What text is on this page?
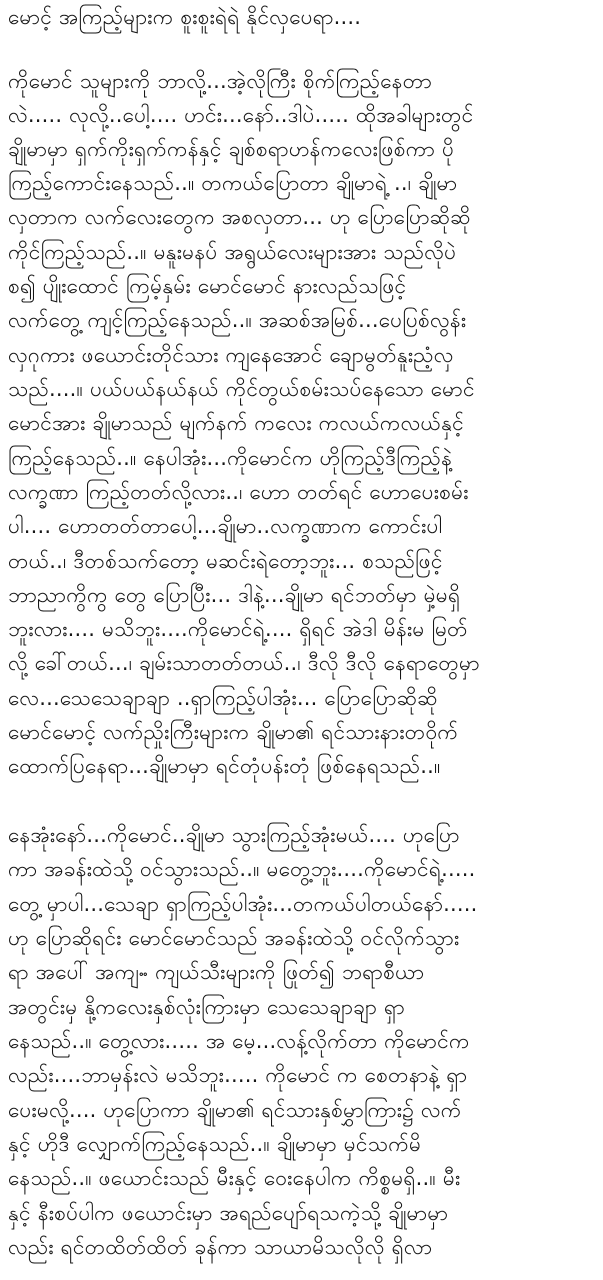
မောင့် အကြည့်များက စူးစူးရဲရဲ နိုင်လှပေရာ....
ကိုမောင် သူများကို ဘာလို့...အဲ့လိုကြီး စိုက်ကြည့်နေတာ
လဲ..... လုလို့..ပေါ့.... ဟင်း...နော်..ဒါပဲ..... ထိုအခါများတွင်
ချိုမာမှာ ရှက်ကိုးရှက်ကန်နှင့် ချစ်စရာဟန်ကလေးဖြစ်ကာ ပို
ကြည့်ကောင်းနေသည်..။ တကယ်ပြောတာ ချိုမာရဲ့ ..၊ ချိုမာ
လှတာက လက်လေးတွေက အစလှတာ... ဟု ပြောပြောဆိုဆို
ကိုင်ကြည့်သည်..။ မနူးမနပ် အရွယ်လေးများအား သည်လိုပဲ
စ၍ ပျိုးထောင် ကြမ့်နှမ်း မောင်မောင် နားလည်သဖြင့်
လက်တွေ့ ကျင့်ကြည့်နေသည်..။ အဆစ်အမြစ်...ပေပြစ်လွန်း
လှဂုကား ဖယောင်းတိုင်သား ကျနေအောင် ချောမွတ်နူးညံ့လှ
သည်....။ ပယ်ပယ်နယ်နယ် ကိုင်တွယ်စမ်းသပ်နေသော မောင်
မောင်အား ချိုမာသည် မျက်နက် ကလေး ကလယ်ကလယ်နှင့်
ကြည့်နေသည်..။ နေပါအုံး...ကိုမောင်က ဟိုကြည့်ဒီကြည့်နဲ့
လက္ခဏာ ကြည့်တတ်လို့လား..၊ ဟော တတ်ရင် ဟောပေးစမ်း
ပါ.... ဟောတတ်တာပေါ့...ချိုမာ..လက္ခဏာက ကောင်းပါ
တယ်..၊ ဒီတစ်သက်တော့ မဆင်းရဲတော့ဘူး... စသည်ဖြင့်
ဘာညာကွိကွ တွေ ပြောပြီး... ဒါနဲ့...ချိုမာ ရင်ဘတ်မှာ မှဲ့မရှိ
ဘူးလား.... မသိဘူး....ကိုမောင်ရဲ့.... ရှိရင် အဲဒါ မိန်းမ မြတ်
လို့ ခေါ်တယ်...၊ ချမ်းသာတတ်တယ်..၊ ဒီလို ဒီလို နေရာတွေမှာ
လေ...သေသေချာချာ ..ရှာကြည့်ပါအုံး... ပြောပြောဆိုဆို
မောင်မောင့် လက်ညှိုးကြီးများက ချိုမာ၏ ရင်သားနားတဝိုက်
ထောက်ပြနေရာ...ချိုမာမှာ ရင်တုံပန်းတုံ ဖြစ်နေရသည်..။
နေအုံးနော်...ကိုမောင်..ချိုမာ သွားကြည့်အုံးမယ်.... ဟုပြော
ကာ အခန်းထဲသို့ ဝင်သွားသည်..။ မတွေ့ဘူး....ကိုမောင်ရဲ့.....
တွေ့ မှာပါ...သေချာ ရှာကြည့်ပါအုံး...တကယ်ပါတယ်နော်.....
ဟု ပြောဆိုရင်း မောင်မောင်သည် အခန်းထဲသို့ ဝင်လိုက်သွား
ရာ အပေါ် အကျႌ ကျယ်သီးများကို ဖြုတ်၍ ဘရာစီယာ
အတွင်းမှ နို့ကလေးနှစ်လုံးကြားမှာ သေသေချာချာ ရှာ
နေသည်..။ တွေ့လား..... အ မေ့...လန့်လိုက်တာ ကိုမောင်က
လည်း....ဘာမှန်းလဲ မသိဘူး..... ကိုမောင် က စေတနာနဲ့ ရှာ
ပေးမလို့.... ဟုပြောကာ ချိုမာ၏ ရင်သားနှစ်မွှာကြား၌ လက်
နှင့် ဟိုဒီ လျှောက်ကြည့်နေသည်..။ ချိုမာမှာ မှင်သက်မိ
နေသည်..။ ဖယောင်းသည် မီးနှင့် ဝေးနေပါက ကိစ္စမရှိ..။ မီး
နှင့် နီးစပ်ပါက ဖယောင်းမှာ အရည်ပျော်ရသကဲ့သို့ ချိုမာမှာ
လည်း ရင်တထိတ်ထိတ် ခုန်ကာ သာယာမိသလိုလို ရှိလာ
